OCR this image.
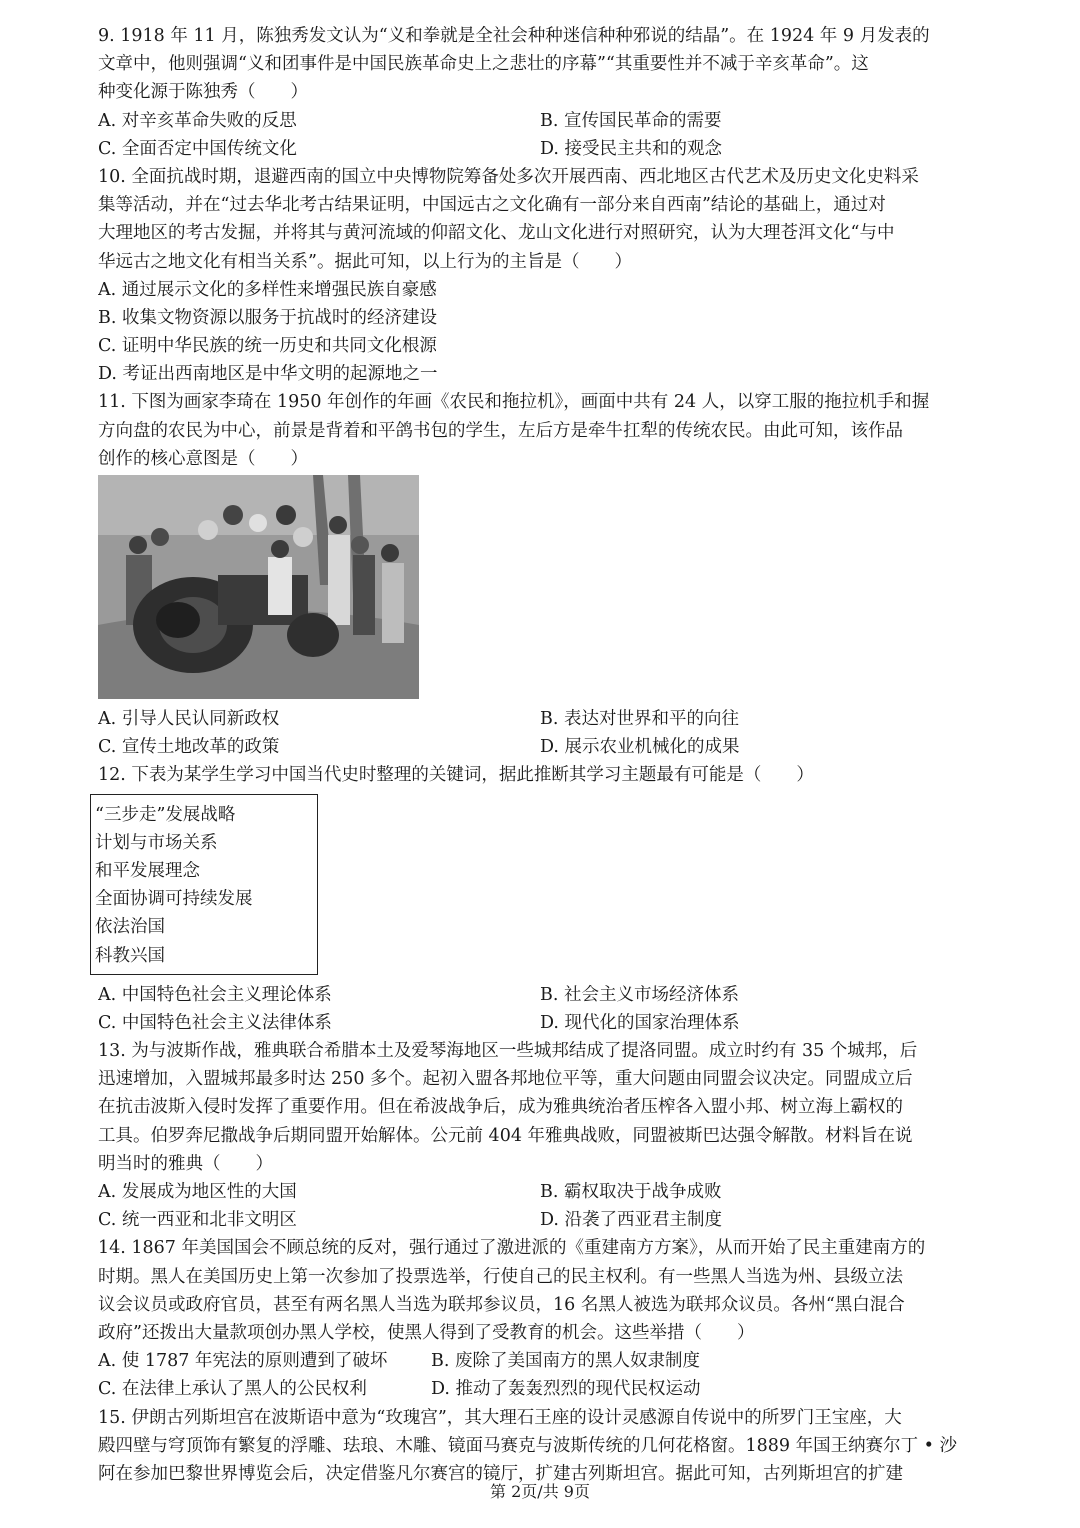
9. 1918 年 11 月，陈独秀发文认为“义和拳就是全社会种种迷信种种邪说的结晶”。在 1924 年 9 月发表的
文章中，他则强调“义和团事件是中国民族革命史上之悲壮的序幕”“其重要性并不减于辛亥革命”。这
种变化源于陈独秀（　　）
A. 对辛亥革命失败的反思	B. 宣传国民革命的需要
C. 全面否定中国传统文化	D. 接受民主共和的观念
10. 全面抗战时期，退避西南的国立中央博物院筹备处多次开展西南、西北地区古代艺术及历史文化史料采
集等活动，并在“过去华北考古结果证明，中国远古之文化确有一部分来自西南”结论的基础上，通过对
大理地区的考古发掘，并将其与黄河流域的仰韶文化、龙山文化进行对照研究，认为大理苍洱文化“与中
华远古之地文化有相当关系”。据此可知，以上行为的主旨是（　　）
A. 通过展示文化的多样性来增强民族自豪感
B. 收集文物资源以服务于抗战时的经济建设
C. 证明中华民族的统一历史和共同文化根源
D. 考证出西南地区是中华文明的起源地之一
11. 下图为画家李琦在 1950 年创作的年画《农民和拖拉机》，画面中共有 24 人，以穿工服的拖拉机手和握
方向盘的农民为中心，前景是背着和平鸽书包的学生，左后方是牵牛扛犁的传统农民。由此可知，该作品
创作的核心意图是（　　）
A. 引导人民认同新政权	B. 表达对世界和平的向往
C. 宣传土地改革的政策	D. 展示农业机械化的成果
12. 下表为某学生学习中国当代史时整理的关键词，据此推断其学习主题最有可能是（　　）
“三步走”发展战略
计划与市场关系
和平发展理念
全面协调可持续发展
依法治国
科教兴国
A. 中国特色社会主义理论体系	B. 社会主义市场经济体系
C. 中国特色社会主义法律体系	D. 现代化的国家治理体系
13. 为与波斯作战，雅典联合希腊本土及爱琴海地区一些城邦结成了提洛同盟。成立时约有 35 个城邦，后
迅速增加，入盟城邦最多时达 250 多个。起初入盟各邦地位平等，重大问题由同盟会议决定。同盟成立后
在抗击波斯入侵时发挥了重要作用。但在希波战争后，成为雅典统治者压榨各入盟小邦、树立海上霸权的
工具。伯罗奔尼撒战争后期同盟开始解体。公元前 404 年雅典战败，同盟被斯巴达强令解散。材料旨在说
明当时的雅典（　　）
A. 发展成为地区性的大国	B. 霸权取决于战争成败
C. 统一西亚和北非文明区	D. 沿袭了西亚君主制度
14. 1867 年美国国会不顾总统的反对，强行通过了激进派的《重建南方方案》，从而开始了民主重建南方的
时期。黑人在美国历史上第一次参加了投票选举，行使自己的民主权利。有一些黑人当选为州、县级立法
议会议员或政府官员，甚至有两名黑人当选为联邦参议员，16 名黑人被选为联邦众议员。各州“黑白混合
政府”还拨出大量款项创办黑人学校，使黑人得到了受教育的机会。这些举措（　　）
A. 使 1787 年宪法的原则遭到了破坏	B. 废除了美国南方的黑人奴隶制度
C. 在法律上承认了黑人的公民权利	D. 推动了轰轰烈烈的现代民权运动
15. 伊朗古列斯坦宫在波斯语中意为“玫瑰宫”，其大理石王座的设计灵感源自传说中的所罗门王宝座，大
殿四壁与穹顶饰有繁复的浮雕、珐琅、木雕、镜面马赛克与波斯传统的几何花格窗。1889 年国王纳赛尔丁 • 沙
阿在参加巴黎世界博览会后，决定借鉴凡尔赛宫的镜厅，扩建古列斯坦宫。据此可知，古列斯坦宫的扩建
第 2页/共 9页
